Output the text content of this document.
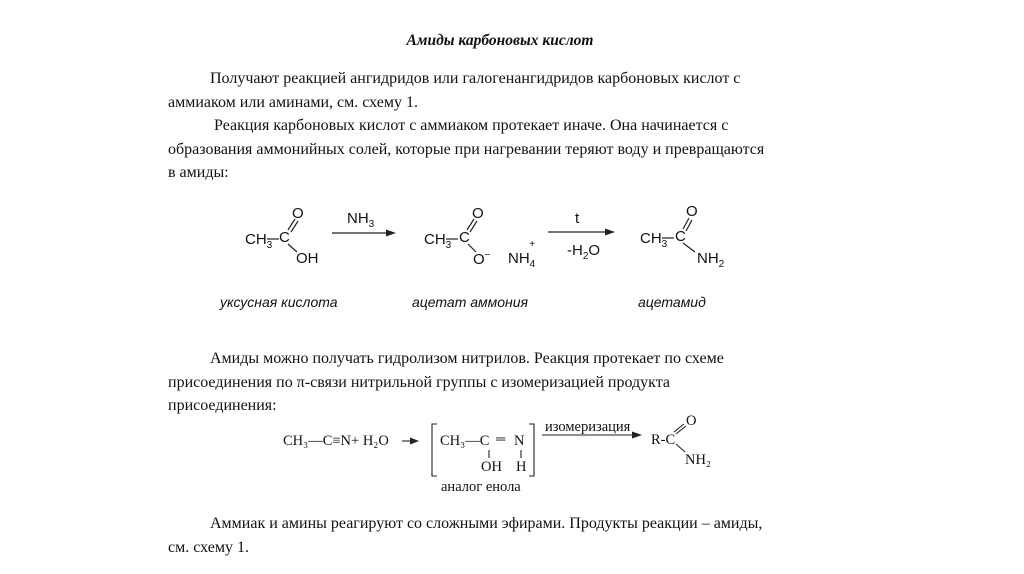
Амиды карбоновых кислот
Получают реакцией ангидридов или галогенангидридов карбоновых кислот с
аммиаком или аминами, см. схему 1.
Реакция карбоновых кислот с аммиаком протекает иначе. Она начинается с
образования аммонийных солей, которые при нагревании теряют воду и превращаются
в амиды:
$CH_3$ C
O
OH
$NH_3$
$CH_3$ C
O
O− $NH_4^+$
t
$-H_2O$
$CH_3$ C
O
$NH_2$
уксусная кислота	ацетат аммония	ацетамид
Амиды можно получать гидролизом нитрилов. Реакция протекает по схеме
присоединения по π-связи нитрильной группы с изомеризацией продукта
присоединения:
CH₃—C≡N+ H₂O	CH₃—C ═ N
OH H
аналог енола
изомеризация
R-C
O
NH₂
Аммиак и амины реагируют со сложными эфирами. Продукты реакции – амиды,
см. схему 1.
